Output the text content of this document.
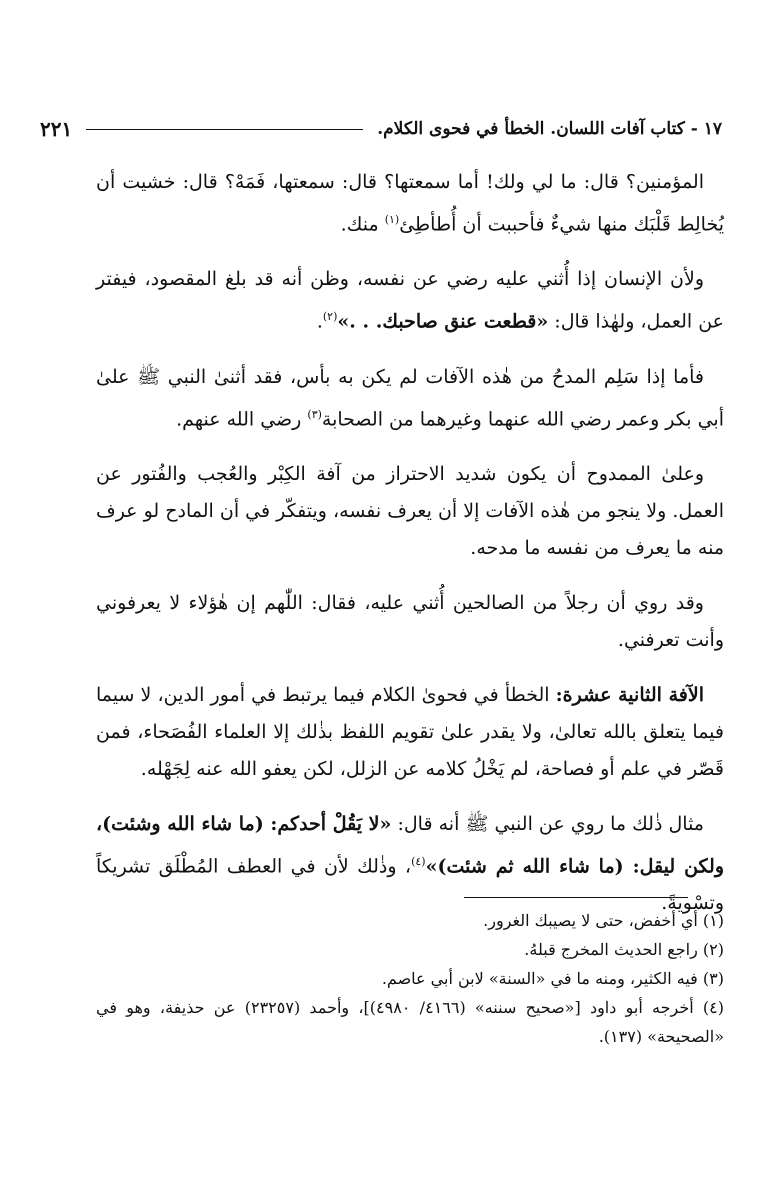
١٧ - كتاب آفات اللسان. الخطأ في فحوى الكلام.
٢٢١

المؤمنين؟ قال: ما لي ولك! أما سمعتها؟ قال: سمعتها، فَمَهْ؟ قال: خشيت أن يُخالِط قَلْبَك منها شيءٌ فأحببت أن أُطأطِئ$^{(١)}$ منك.

ولأن الإنسان إذا أُثني عليه رضي عن نفسه، وظن أنه قد بلغ المقصود، فيفتر عن العمل، ولهٰذا قال: «قطعت عنق صاحبك. . .»$^{(٢)}$.

فأما إذا سَلِم المدحُ من هٰذه الآفات لم يكن به بأس، فقد أثنىٰ النبي ﷺ علىٰ أبي بكر وعمر رضي الله عنهما وغيرهما من الصحابة$^{(٣)}$ رضي الله عنهم.

وعلىٰ الممدوح أن يكون شديد الاحتراز من آفة الكِبْر والعُجب والفُتور عن العمل. ولا ينجو من هٰذه الآفات إلا أن يعرف نفسه، ويتفكّر في أن المادح لو عرف منه ما يعرف من نفسه ما مدحه.

وقد روي أن رجلاً من الصالحين أُثني عليه، فقال: اللّٰهم إن هٰؤلاء لا يعرفوني وأنت تعرفني.

الآفة الثانية عشرة: الخطأ في فحوىٰ الكلام فيما يرتبط في أمور الدين، لا سيما فيما يتعلق بالله تعالىٰ، ولا يقدر علىٰ تقويم اللفظ بذٰلك إلا العلماء الفُصَحاء، فمن قَصّر في علم أو فصاحة، لم يَخْلُ كلامه عن الزلل، لكن يعفو الله عنه لِجَهْله.

مثال ذٰلك ما روي عن النبي ﷺ أنه قال: «لا يَقُلْ أحدكم: (ما شاء الله وشئت)، ولكن ليقل: (ما شاء الله ثم شئت)»$^{(٤)}$، وذٰلك لأن في العطف المُطْلَق تشريكاً وتسْويةً.

(١) أي أخفض، حتى لا يصيبك الغرور.

(٢) راجع الحديث المخرج قبلهُ.

(٣) فيه الكثير، ومنه ما في «السنة» لابن أبي عاصم.

(٤) أخرجه أبو داود [«صحيح سننه» (٤١٦٦/ ٤٩٨٠)]، وأحمد (٢٣٢٥٧) عن حذيفة، وهو في «الصحيحة» (١٣٧).
